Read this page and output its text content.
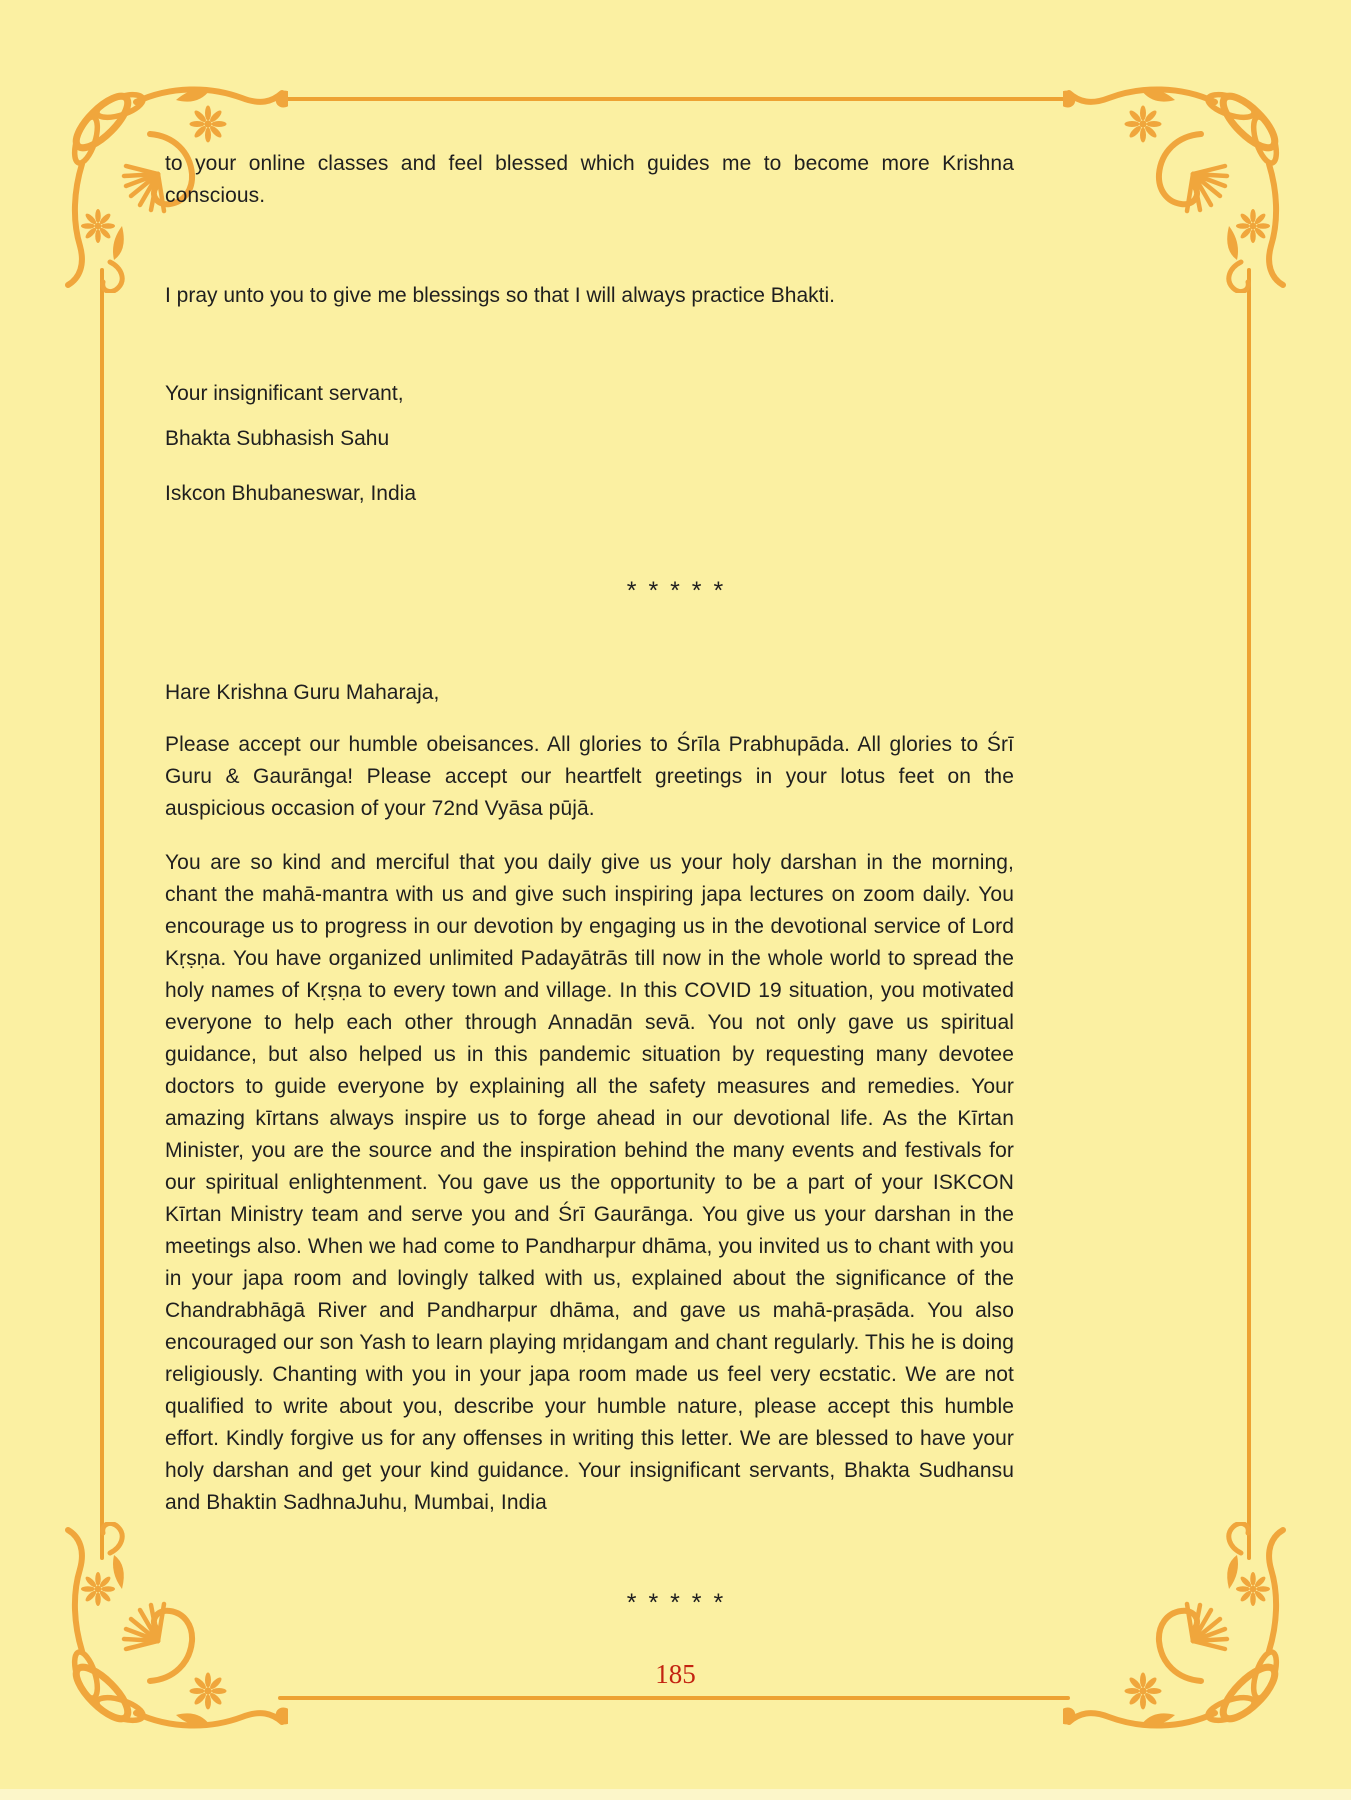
to your online classes and feel blessed which guides me to become more Krishna conscious.
I pray unto you to give me blessings so that I will always practice Bhakti.
Your insignificant servant,
Bhakta Subhasish Sahu
Iskcon Bhubaneswar, India
* * * * *
Hare Krishna Guru Maharaja,
Please accept our humble obeisances. All glories to Śrīla Prabhupāda. All glories to Śrī Guru & Gaurānga! Please accept our heartfelt greetings in your lotus feet on the auspicious occasion of your 72nd Vyāsa pūjā.
You are so kind and merciful that you daily give us your holy darshan in the morning, chant the mahā-mantra with us and give such inspiring japa lectures on zoom daily. You encourage us to progress in our devotion by engaging us in the devotional service of Lord Kṛṣṇa. You have organized unlimited Padayātrās till now in the whole world to spread the holy names of Kṛṣṇa to every town and village. In this COVID 19 situation, you motivated everyone to help each other through Annadān sevā. You not only gave us spiritual guidance, but also helped us in this pandemic situation by requesting many devotee doctors to guide everyone by explaining all the safety measures and remedies. Your amazing kīrtans always inspire us to forge ahead in our devotional life. As the Kīrtan Minister, you are the source and the inspiration behind the many events and festivals for our spiritual enlightenment. You gave us the opportunity to be a part of your ISKCON Kīrtan Ministry team and serve you and Śrī Gaurānga. You give us your darshan in the meetings also. When we had come to Pandharpur dhāma, you invited us to chant with you in your japa room and lovingly talked with us, explained about the significance of the Chandrabhāgā River and Pandharpur dhāma, and gave us mahā-praṣāda. You also encouraged our son Yash to learn playing mṛidangam and chant regularly. This he is doing religiously. Chanting with you in your japa room made us feel very ecstatic. We are not qualified to write about you, describe your humble nature, please accept this humble effort. Kindly forgive us for any offenses in writing this letter. We are blessed to have your holy darshan and get your kind guidance. Your insignificant servants, Bhakta Sudhansu and Bhaktin SadhnaJuhu, Mumbai, India
* * * * *
185
